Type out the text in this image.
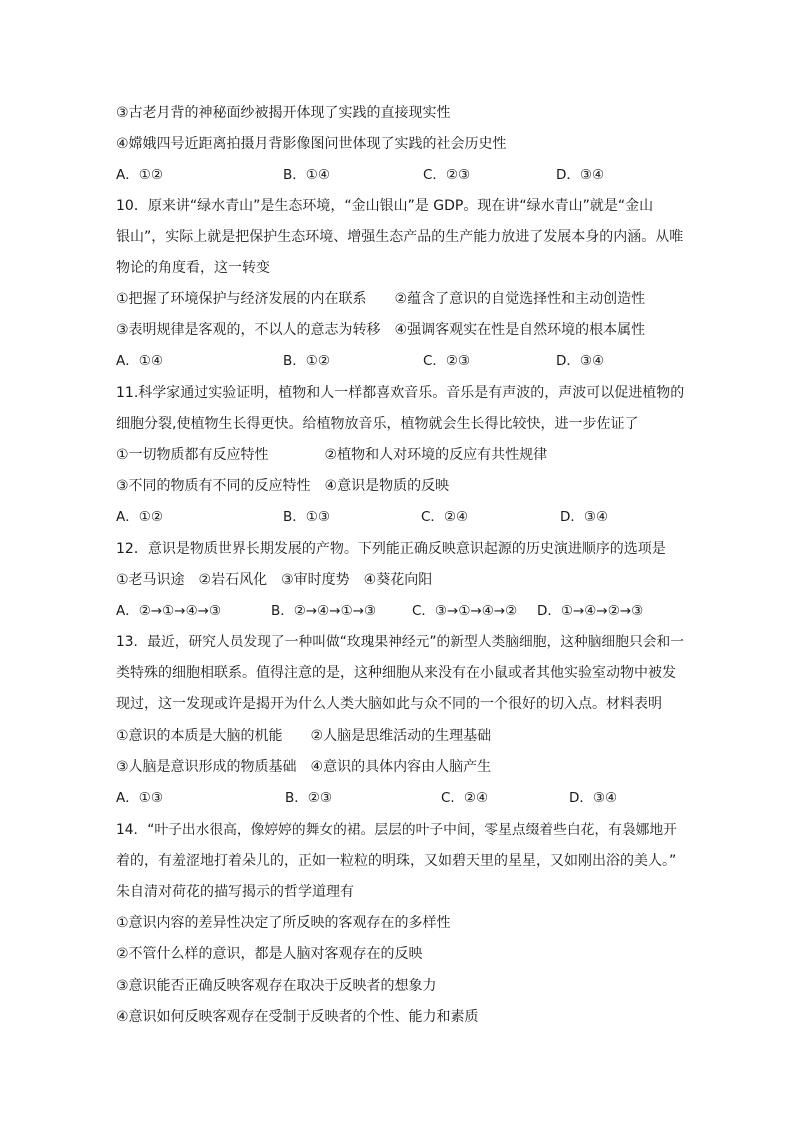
③古老月背的神秘面纱被揭开体现了实践的直接现实性
④嫦娥四号近距离拍摄月背影像图问世体现了实践的社会历史性
A．①②	B．①④	C．②③	D．③④
10．原来讲“绿水青山”是生态环境，“金山银山”是 GDP。现在讲“绿水青山”就是“金山
银山”，实际上就是把保护生态环境、增强生态产品的生产能力放进了发展本身的内涵。从唯
物论的角度看，这一转变
①把握了环境保护与经济发展的内在联系　　②蕴含了意识的自觉选择性和主动创造性
③表明规律是客观的，不以人的意志为转移　④强调客观实在性是自然环境的根本属性
A．①④	B．①②	C．②③	D．③④
11.科学家通过实验证明，植物和人一样都喜欢音乐。音乐是有声波的，声波可以促进植物的
细胞分裂,使植物生长得更快。给植物放音乐，植物就会生长得比较快，进一步佐证了
①一切物质都有反应特性　　　　②植物和人对环境的反应有共性规律
③不同的物质有不同的反应特性　④意识是物质的反映
A．①②	B．①③	C．②④	D．③④
12．意识是物质世界长期发展的产物。下列能正确反映意识起源的历史演进顺序的选项是
①老马识途　②岩石风化　③审时度势　④葵花向阳
A．②→①→④→③	B．②→④→①→③	C．③→①→④→② D．①→④→②→③
13．最近，研究人员发现了一种叫做“玫瑰果神经元”的新型人类脑细胞，这种脑细胞只会和一
类特殊的细胞相联系。值得注意的是，这种细胞从来没有在小鼠或者其他实验室动物中被发
现过，这一发现或许是揭开为什么人类大脑如此与众不同的一个很好的切入点。材料表明
①意识的本质是大脑的机能　　②人脑是思维活动的生理基础
③人脑是意识形成的物质基础　④意识的具体内容由人脑产生
A．①③	B．②③	C．②④	D．③④
14．“叶子出水很高，像婷婷的舞女的裙。层层的叶子中间，零星点缀着些白花，有袅娜地开
着的，有羞涩地打着朵儿的，正如一粒粒的明珠，又如碧天里的星星，又如刚出浴的美人。”
朱自清对荷花的描写揭示的哲学道理有
①意识内容的差异性决定了所反映的客观存在的多样性
②不管什么样的意识，都是人脑对客观存在的反映
③意识能否正确反映客观存在取决于反映者的想象力
④意识如何反映客观存在受制于反映者的个性、能力和素质
